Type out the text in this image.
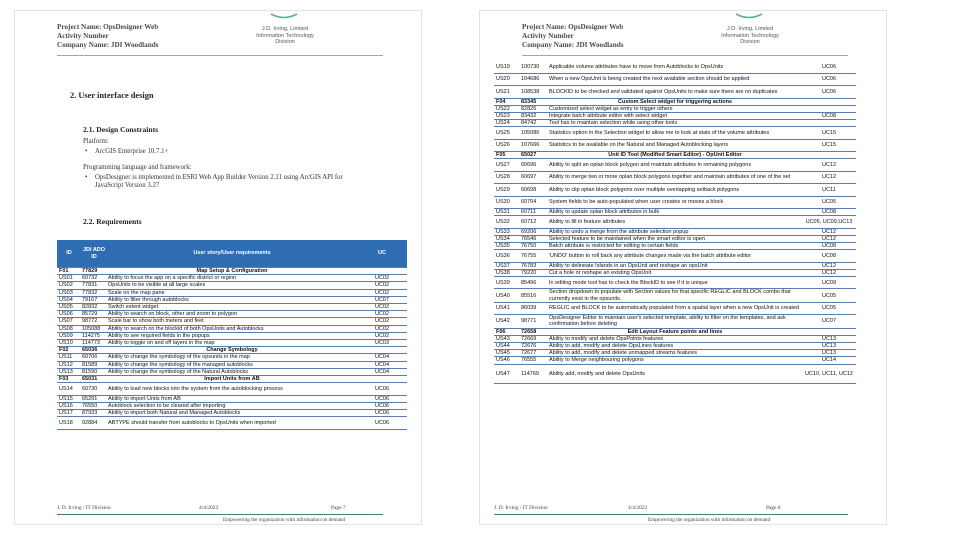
Project Name: OpsDesigner Web
Activity Number
Company Name: JDI Woodlands
J.D. Irving, Limited
Information Technology
Division
2. User interface design
2.1. Design Constraints
Platform:
• ArcGIS Enterprise 10.7.1+
Programming language and framework:
• OpsDesigner is implemented in ESRI Web App Builder Version 2.11 using ArcGIS API for JavaScript Version 3.27
2.2. Requirements
ID	JDI ADO ID	User story/User requirements	UC
F01	77829	Map Setup & Configuration	
US01	60732	Ability to focus the app on a specific district or region	UC02
US02	77831	OpsUnits to be visible at all large scales	UC02
US03	77832	Scale on the map pane	UC02
US04	79167	Ability to filter through autoblocks	UC07
US05	82832	Switch extent widget	UC02
US06	85729	Ability to search on block, other and zoom to polygon	UC02
US07	98772	Scale bar to show both meters and feet	UC02
US08	105088	Ability to search on the blockid of both OpsUnits and Autoblocks	UC02
US09	114275	Ability to see required fields in the popups	UC02
US10	114773	Ability to toggle on and off layers in the map	UC03
F02	65036	Change Symbology	
US11	60706	Ability to change the symbology of the opsunits in the map	UC04
US12	81589	Ability to change the symbology of the managed autoblocks	UC04
US13	81590	Ability to change the symbology of the Natural Autoblocks	UC04
F03	65031	Import Units from AB	
US14	60730	Ability to load new blocks into the system from the autoblocking process	UC06
US15	65291	Ability to import Units from AB	UC06
US16	76550	Autoblock selection to be cleared after importing	UC06
US17	87933	Ability to import both Natural and Managed Autoblocks	UC06
US18	92884	ABTYPE should transfer from autoblocks to OpsUnits when imported	UC06
J. D. Irving / IT Division	4/4/2022	Page 7
Empowering the organization with information on demand
Project Name: OpsDesigner Web
Activity Number
Company Name: JDI Woodlands
J.D. Irving, Limited
Information Technology
Division
US19	100730	Applicable volume attributes have to move from Autoblocks to OpsUnits	UC06
US20	104686	When a new OpsUnit is being created the next available section should be applied	UC06
US21	108538	BLOCKID to be checked and validated against OpsUnits to make sure there are no duplicates	UC06
F04	83345	Custom Select widget for triggering actions	
US22	82826	Customized select widget as entry to trigger others	
US23	83432	Integrate batch attribute editor with select widget	UC08
US24	84742	Tool has to maintain selection while using other tools	
US25	105086	Statistics option in the Selection widget to allow me to look at stats of the volume attributes	UC15
US26	107666	Statistics to be available on the Natural and Managed Autoblocking layers	UC15
F05	65027	Unit ID Tool (Modified Smart Editor) - OpUnit Editor	
US27	60696	Ability to split an oplan block polygon and maintain attributes in remaining polygons	UC12
US28	60697	Ability to merge two or more oplan block polygons together and maintain attributes of one of the set	UC12
US29	60698	Ability to clip oplan block polygons over multiple overlapping setback polygons	UC11
US30	60704	System fields to be auto-populated when user creates or moves a block	UC05
US31	60711	Ability to update oplan block attributes in bulk	UC08
US32	60712	Ability to fill in feature attributes	UC05, UC09,UC13
US33	69206	Ability to undo a merge from the attribute selection popup	UC12
US34	76546	Selected feature to be maintained when the smart editor is open	UC12
US35	76750	Batch attribute is restricted for editing to certain fields	UC08
US36	76755	'UNDO' button to roll back any attribute changes made via the batch attribute editor	UC08
US37	76783	Ability to delineate Islands in an OpsUnit and reshape an opsUnit	UC12
US38	79220	Cut a hole or reshape an existing OpsUnit	UC12
US39	85496	In editing mode tool has to check the BlockID to see if it is unique	UC09
US40	85516	Section dropdown to populate with Section values for that specific REGLIC and BLOCK combo that currently exist in the opsunits.	UC05
US41	86039	REGLIC and BLOCK to be automatically populated from a spatial layer when a new OpsUnit is created	UC05
US42	98771	OpsDesigner Editor to maintain user's selected template, ability to filter on the templates, and ask confirmation before deleting	UC07
F06	72658	Edit Layout Feature points and lines	
US43	72669	Ability to modify and delete OpsPoints features	UC13
US44	72676	Ability to add, modify and delete OpsLines features	UC13
US45	72677	Ability to add, modify and delete unmapped streams features	UC13
US46	76555	Ability to Merge neighbouring polygons	UC14
US47	114769	Ability add, modify and delete OpsUnits	UC10, UC11, UC12
J. D. Irving / IT Division	4/4/2022	Page 8
Empowering the organization with information on demand
